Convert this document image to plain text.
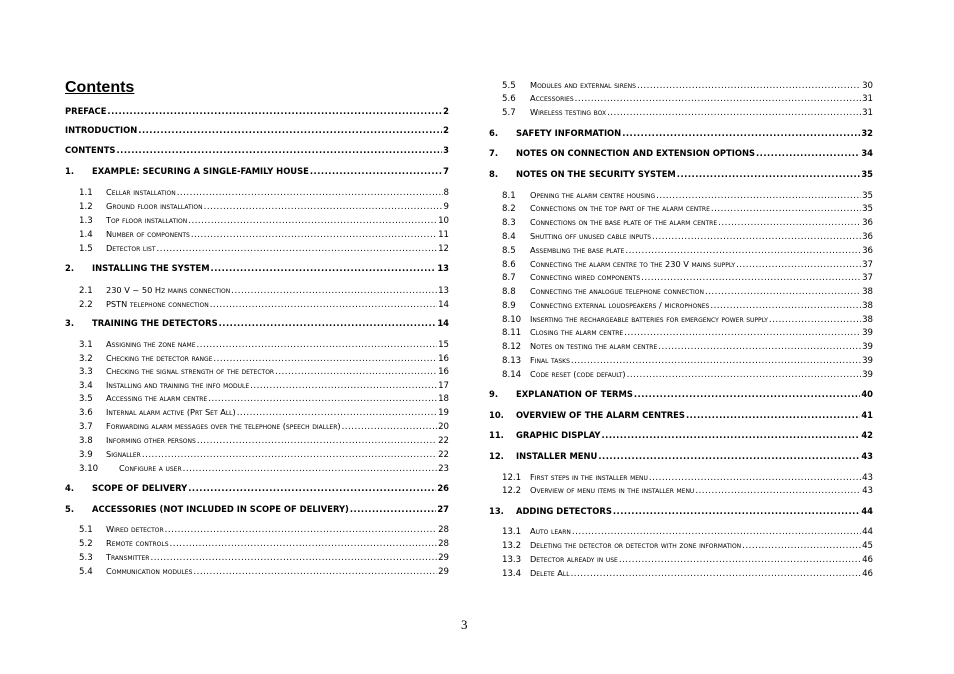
Contents
PREFACE .....	2
INTRODUCTION .....	2
CONTENTS .....	3
1.	EXAMPLE: SECURING A SINGLE-FAMILY HOUSE .....	7
1.1	Cellar installation .....	8
1.2	Ground floor installation .....	9
1.3	Top floor installation .....	10
1.4	Number of components .....	11
1.5	Detector list .....	12
2.	INSTALLING THE SYSTEM .....	13
2.1	230 V ~ 50 Hz mains connection .....	13
2.2	PSTN telephone connection .....	14
3.	TRAINING THE DETECTORS .....	14
3.1	Assigning the zone name .....	15
3.2	Checking the detector range .....	16
3.3	Checking the signal strength of the detector .....	16
3.4	Installing and training the info module .....	17
3.5	Accessing the alarm centre .....	18
3.6	Internal alarm active (Prt Set All) .....	19
3.7	Forwarding alarm messages over the telephone (speech dialler) .....	20
3.8	Informing other persons .....	22
3.9	Signaller .....	22
3.10	Configure a user .....	23
4.	SCOPE OF DELIVERY .....	26
5.	ACCESSORIES (NOT INCLUDED IN SCOPE OF DELIVERY) .....	27
5.1	Wired detector .....	28
5.2	Remote controls .....	28
5.3	Transmitter .....	29
5.4	Communication modules .....	29
5.5	Modules and external sirens .....	30
5.6	Accessories .....	31
5.7	Wireless testing box .....	31
6.	SAFETY INFORMATION .....	32
7.	NOTES ON CONNECTION AND EXTENSION OPTIONS .....	34
8.	NOTES ON THE SECURITY SYSTEM .....	35
8.1	Opening the alarm centre housing .....	35
8.2	Connections on the top part of the alarm centre .....	35
8.3	Connections on the base plate of the alarm centre .....	36
8.4	Shutting off unused cable inputs .....	36
8.5	Assembling the base plate .....	36
8.6	Connecting the alarm centre to the 230 V mains supply .....	37
8.7	Connecting wired components .....	37
8.8	Connecting the analogue telephone connection .....	38
8.9	Connecting external loudspeakers / microphones .....	38
8.10	Inserting the rechargeable batteries for emergency power supply .....	38
8.11	Closing the alarm centre .....	39
8.12	Notes on testing the alarm centre .....	39
8.13	Final tasks .....	39
8.14	Code reset (code default) .....	39
9.	EXPLANATION OF TERMS .....	40
10.	OVERVIEW OF THE ALARM CENTRES .....	41
11.	GRAPHIC DISPLAY .....	42
12.	INSTALLER MENU .....	43
12.1	First steps in the installer menu .....	43
12.2	Overview of menu items in the installer menu .....	43
13.	ADDING DETECTORS .....	44
13.1	Auto learn .....	44
13.2	Deleting the detector or detector with zone information .....	45
13.3	Detector already in use .....	46
13.4	Delete All .....	46
3
